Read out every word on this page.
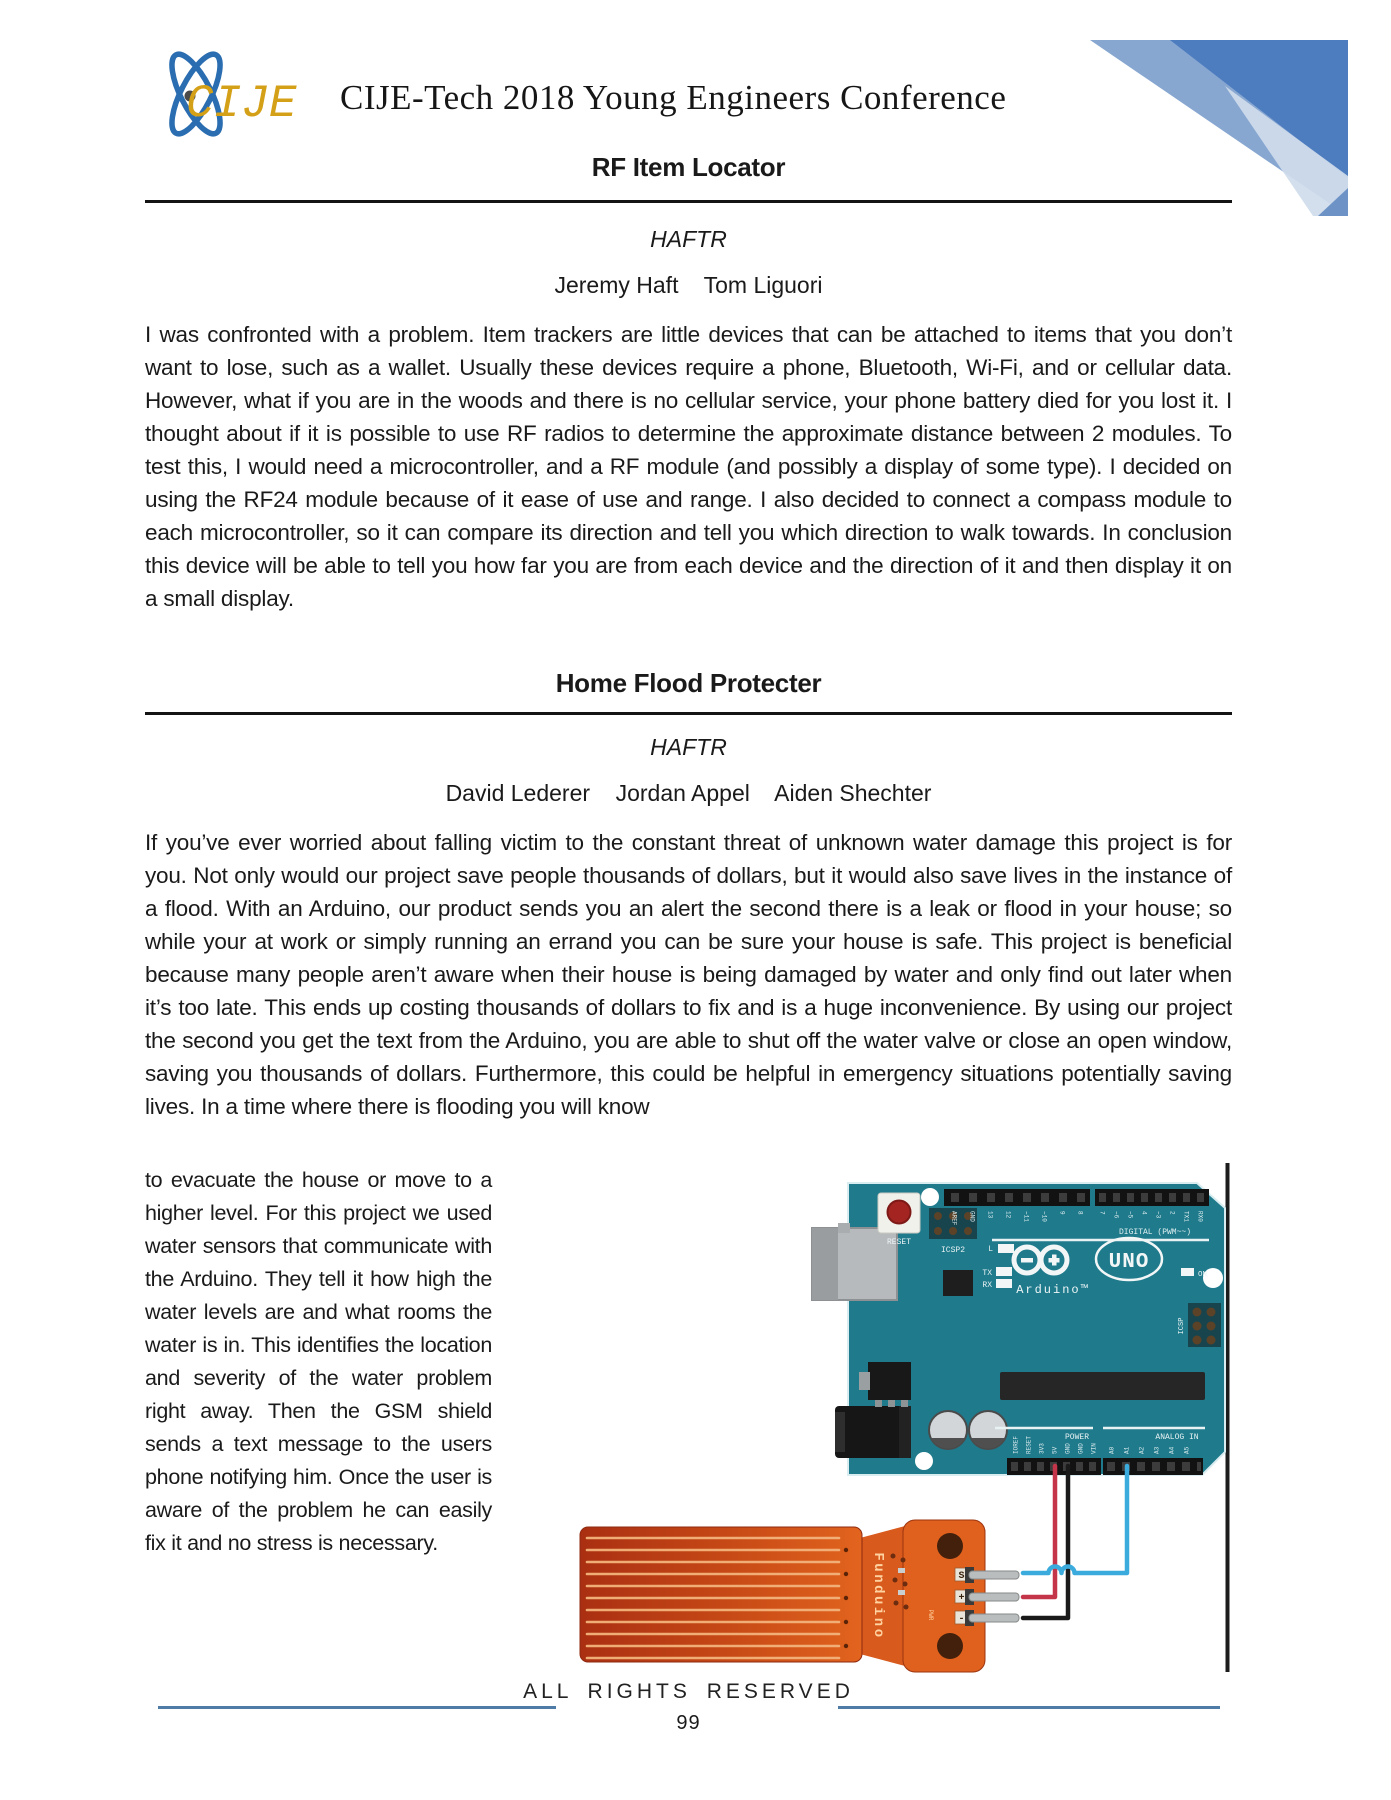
CIJE CIJE-Tech 2018 Young Engineers Conference
RF Item Locator
HAFTR
Jeremy Haft    Tom Liguori
I was confronted with a problem. Item trackers are little devices that can be attached to items that you don’t want to lose, such as a wallet. Usually these devices require a phone, Bluetooth, Wi-Fi, and or cellular data. However, what if you are in the woods and there is no cellular service, your phone battery died for you lost it. I thought about if it is possible to use RF radios to determine the approximate distance between 2 modules. To test this, I would need a microcontroller, and a RF module (and possibly a display of some type). I decided on using the RF24 module because of it ease of use and range. I also decided to connect a compass module to each microcontroller, so it can compare its direction and tell you which direction to walk towards. In conclusion this device will be able to tell you how far you are from each device and the direction of it and then display it on a small display.
Home Flood Protecter
HAFTR
David Lederer    Jordan Appel    Aiden Shechter
If you’ve ever worried about falling victim to the constant threat of unknown water damage this project is for you. Not only would our project save people thousands of dollars, but it would also save lives in the instance of a flood. With an Arduino, our product sends you an alert the second there is a leak or flood in your house; so while your at work or simply running an errand you can be sure your house is safe. This project is beneficial because many people aren’t aware when their house is being damaged by water and only find out later when it’s too late. This ends up costing thousands of dollars to fix and is a huge inconvenience. By using our project the second you get the text from the Arduino, you are able to shut off the water valve or close an open window, saving you thousands of dollars. Furthermore, this could be helpful in emergency situations potentially saving lives. In a time where there is flooding you will know
to evacuate the house or move to a higher level. For this project we used water sensors that communicate with the Arduino. They tell it how high the water levels are and what rooms the water is in. This identifies the location and severity of the water problem right away. Then the GSM shield sends a text message to the users phone notifying him. Once the user is aware of the problem he can easily fix it and no stress is necessary.
RESET
DIGITAL (PWM~~)
ICSP2	L
TX
RX Arduino™
UNO
ON
ICSP
POWER	ANALOG IN
AREF GND 13 12 ~11 ~10 9 8	7 ~6 ~5 4 ~3 2 TX1 RX0
IOREF RESET 3V3 5V GND GND VIN A0 A1 A2 A3 A4 A5
Funduino	PWR
S
+
-
ALL RIGHTS RESERVED
99
